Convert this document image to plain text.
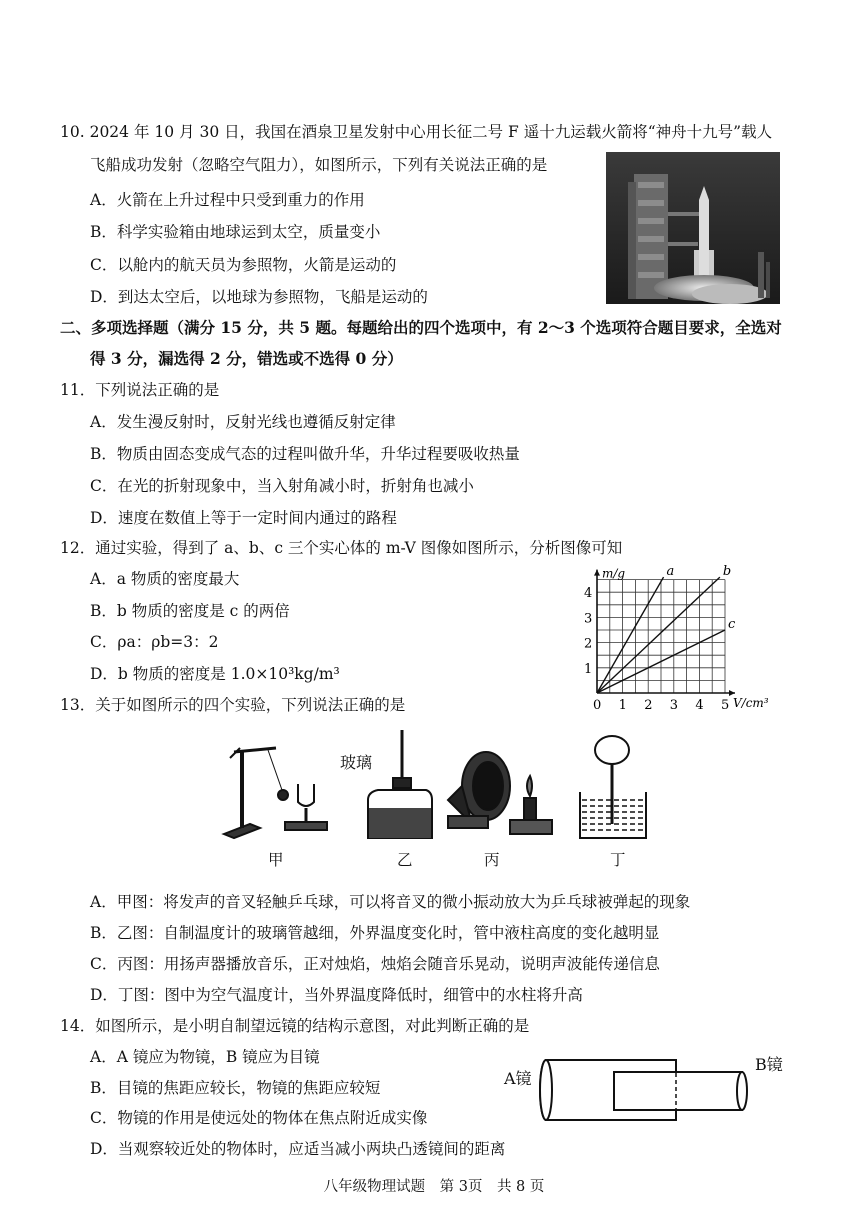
10. 2024 年 10 月 30 日，我国在酒泉卫星发射中心用长征二号 F 遥十九运载火箭将“神舟十九号”载人
飞船成功发射（忽略空气阻力），如图所示，下列有关说法正确的是
A．火箭在上升过程中只受到重力的作用
B．科学实验箱由地球运到太空，质量变小
C．以舱内的航天员为参照物，火箭是运动的
D．到达太空后，以地球为参照物，飞船是运动的
二、多项选择题（满分 15 分，共 5 题。每题给出的四个选项中，有 2～3 个选项符合题目要求，全选对
得 3 分，漏选得 2 分，错选或不选得 0 分）
11．下列说法正确的是
A．发生漫反射时，反射光线也遵循反射定律
B．物质由固态变成气态的过程叫做升华，升华过程要吸收热量
C．在光的折射现象中，当入射角减小时，折射角也减小
D．速度在数值上等于一定时间内通过的路程
12．通过实验，得到了 a、b、c 三个实心体的 m-V 图像如图所示，分析图像可知
A．a 物质的密度最大
B．b 物质的密度是 c 的两倍
C．ρa：ρb=3：2
D．b 物质的密度是 1.0×10³kg/m³
0 1 2 3 4 5
1
2
3
4
V/cm³
m/g	a	b
c
13．关于如图所示的四个实验，下列说法正确的是
玻璃
甲	乙	丙	丁
A．甲图：将发声的音叉轻触乒乓球，可以将音叉的微小振动放大为乒乓球被弹起的现象
B．乙图：自制温度计的玻璃管越细，外界温度变化时，管中液柱高度的变化越明显
C．丙图：用扬声器播放音乐，正对烛焰，烛焰会随音乐晃动，说明声波能传递信息
D．丁图：图中为空气温度计，当外界温度降低时，细管中的水柱将升高
14．如图所示，是小明自制望远镜的结构示意图，对此判断正确的是
A．A 镜应为物镜，B 镜应为目镜
B．目镜的焦距应较长，物镜的焦距应较短
C．物镜的作用是使远处的物体在焦点附近成实像
D．当观察较近处的物体时，应适当减小两块凸透镜间的距离
A镜
B镜
八年级物理试题　第 3页　共 8 页
